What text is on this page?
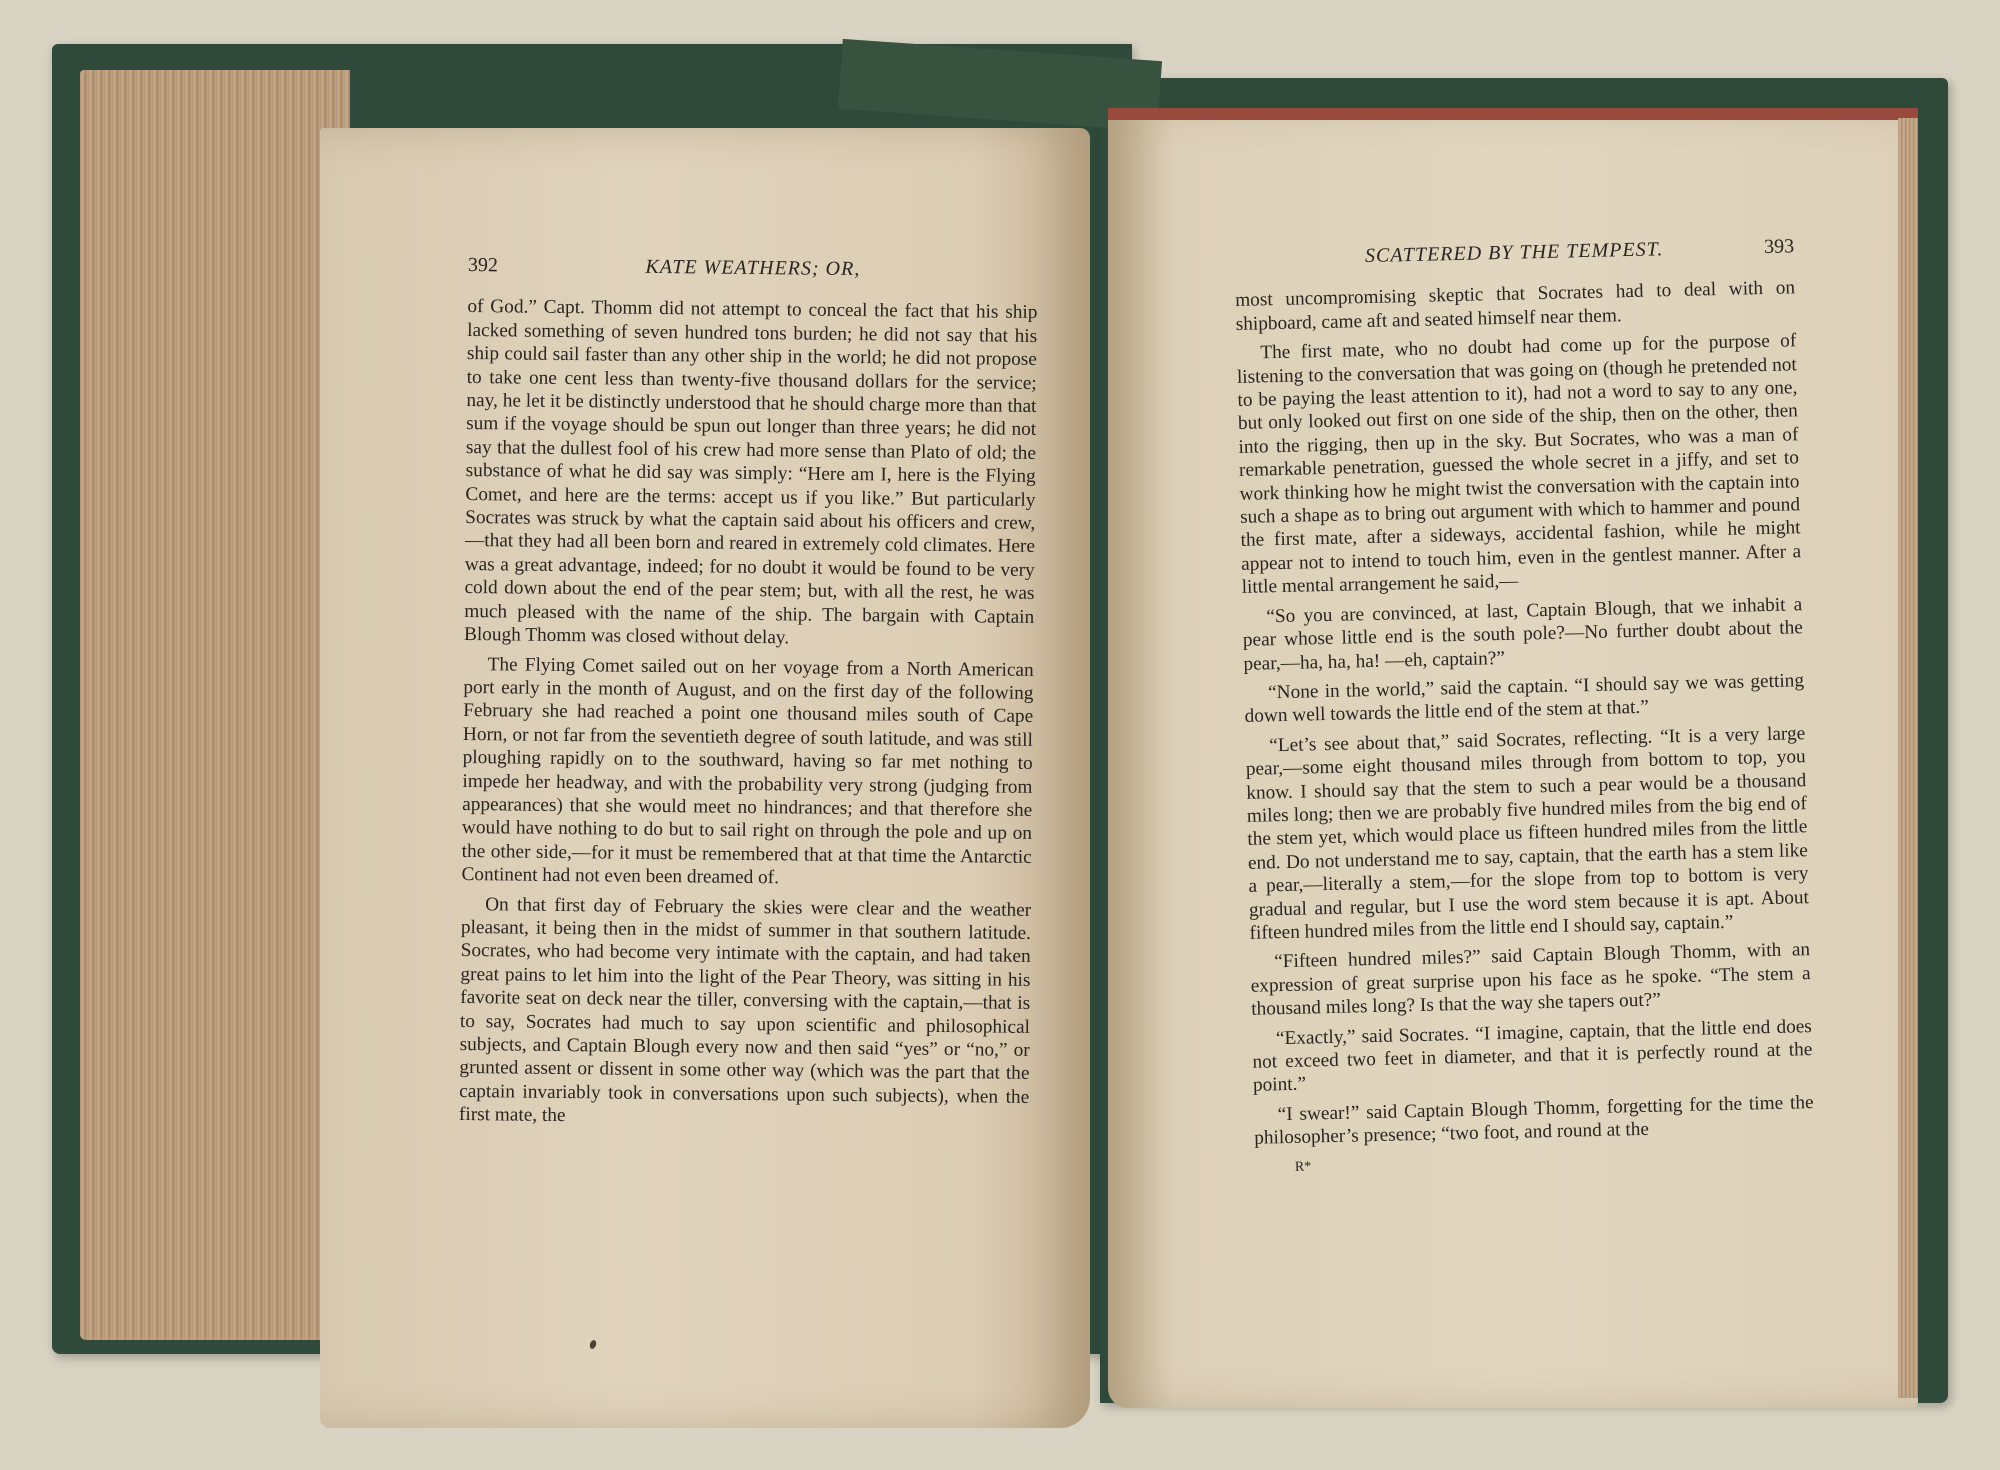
392	KATE WEATHERS; OR,

of God.” Capt. Thomm did not attempt to conceal the fact that his ship lacked something of seven hundred tons burden; he did not say that his ship could sail faster than any other ship in the world; he did not propose to take one cent less than twenty-five thousand dollars for the service; nay, he let it be distinctly understood that he should charge more than that sum if the voyage should be spun out longer than three years; he did not say that the dullest fool of his crew had more sense than Plato of old; the substance of what he did say was simply: “Here am I, here is the Flying Comet, and here are the terms: accept us if you like.” But particularly Socrates was struck by what the captain said about his officers and crew,—that they had all been born and reared in extremely cold climates. Here was a great advantage, indeed; for no doubt it would be found to be very cold down about the end of the pear stem; but, with all the rest, he was much pleased with the name of the ship. The bargain with Captain Blough Thomm was closed without delay.

The Flying Comet sailed out on her voyage from a North American port early in the month of August, and on the first day of the following February she had reached a point one thousand miles south of Cape Horn, or not far from the seventieth degree of south latitude, and was still ploughing rapidly on to the southward, having so far met nothing to impede her headway, and with the probability very strong (judging from appearances) that she would meet no hindrances; and that therefore she would have nothing to do but to sail right on through the pole and up on the other side,—for it must be remembered that at that time the Antarctic Continent had not even been dreamed of.

On that first day of February the skies were clear and the weather pleasant, it being then in the midst of summer in that southern latitude. Socrates, who had become very intimate with the captain, and had taken great pains to let him into the light of the Pear Theory, was sitting in his favorite seat on deck near the tiller, conversing with the captain,—that is to say, Socrates had much to say upon scientific and philosophical subjects, and Captain Blough every now and then said “yes” or “no,” or grunted assent or dissent in some other way (which was the part that the captain invariably took in conversations upon such subjects), when the first mate, the

SCATTERED BY THE TEMPEST.	393

most uncompromising skeptic that Socrates had to deal with on shipboard, came aft and seated himself near them.

The first mate, who no doubt had come up for the purpose of listening to the conversation that was going on (though he pretended not to be paying the least attention to it), had not a word to say to any one, but only looked out first on one side of the ship, then on the other, then into the rigging, then up in the sky. But Socrates, who was a man of remarkable penetration, guessed the whole secret in a jiffy, and set to work thinking how he might twist the conversation with the captain into such a shape as to bring out argument with which to hammer and pound the first mate, after a sideways, accidental fashion, while he might appear not to intend to touch him, even in the gentlest manner. After a little mental arrangement he said,—

“So you are convinced, at last, Captain Blough, that we inhabit a pear whose little end is the south pole?—No further doubt about the pear,—ha, ha, ha! —eh, captain?”

“None in the world,” said the captain. “I should say we was getting down well towards the little end of the stem at that.”

“Let’s see about that,” said Socrates, reflecting. “It is a very large pear,—some eight thousand miles through from bottom to top, you know. I should say that the stem to such a pear would be a thousand miles long; then we are probably five hundred miles from the big end of the stem yet, which would place us fifteen hundred miles from the little end. Do not understand me to say, captain, that the earth has a stem like a pear,—literally a stem,—for the slope from top to bottom is very gradual and regular, but I use the word stem because it is apt. About fifteen hundred miles from the little end I should say, captain.”

“Fifteen hundred miles?” said Captain Blough Thomm, with an expression of great surprise upon his face as he spoke. “The stem a thousand miles long? Is that the way she tapers out?”

“Exactly,” said Socrates. “I imagine, captain, that the little end does not exceed two feet in diameter, and that it is perfectly round at the point.”

“I swear!” said Captain Blough Thomm, forgetting for the time the philosopher’s presence; “two foot, and round at the

R*
